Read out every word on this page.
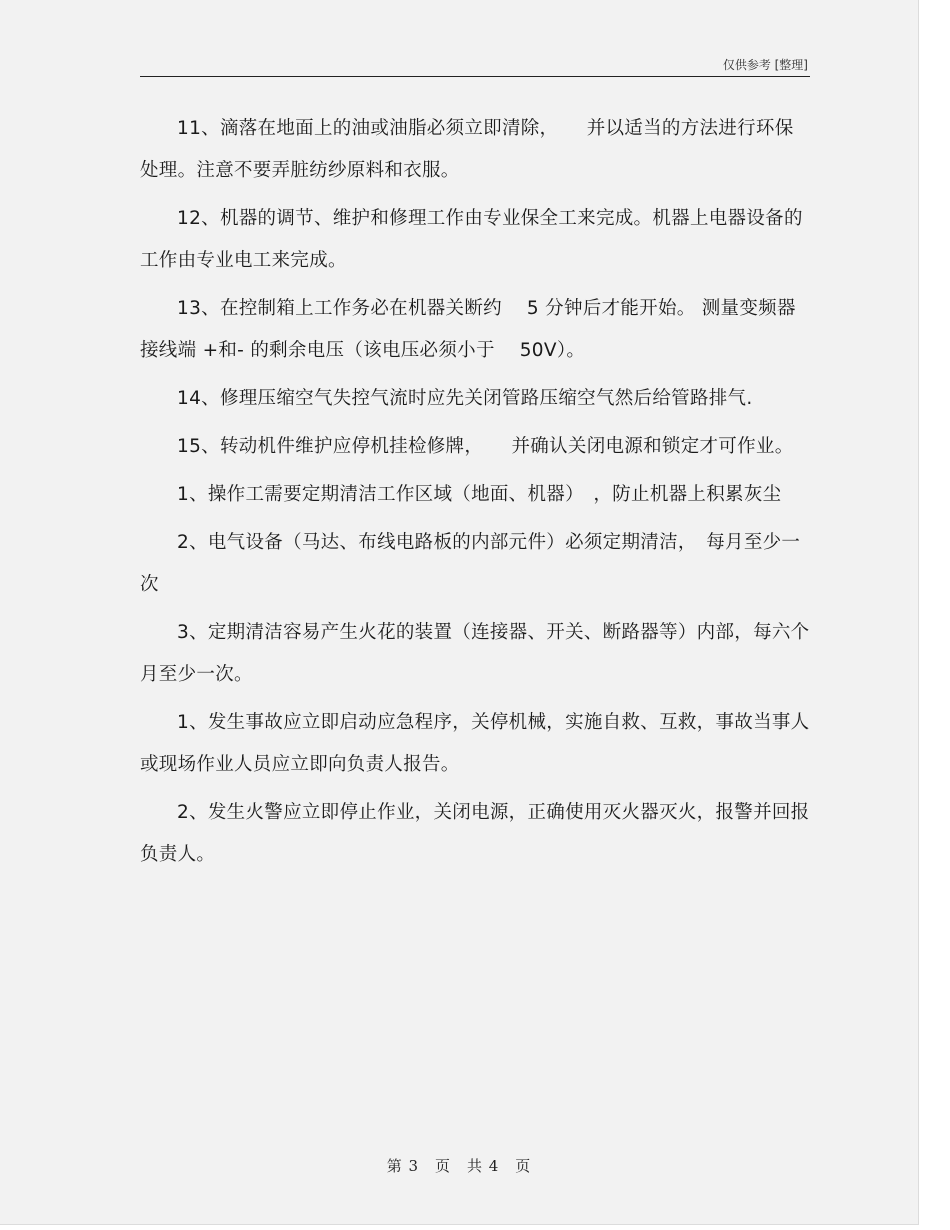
仅供参考 [整理]

11、滴落在地面上的油或油脂必须立即清除，　　并以适当的方法进行环保处理。注意不要弄脏纺纱原料和衣服。

12、机器的调节、维护和修理工作由专业保全工来完成。机器上电器设备的工作由专业电工来完成。

13、在控制箱上工作务必在机器关断约　 5 分钟后才能开始。 测量变频器接线端 +和- 的剩余电压（该电压必须小于　 50V）。

14、修理压缩空气失控气流时应先关闭管路压缩空气然后给管路排气.

15、转动机件维护应停机挂检修牌，　　并确认关闭电源和锁定才可作业。

1、操作工需要定期清洁工作区域（地面、机器）　，防止机器上积累灰尘

2、电气设备（马达、布线电路板的内部元件）必须定期清洁，　每月至少一次

3、定期清洁容易产生火花的装置（连接器、开关、断路器等）内部，每六个月至少一次。

1、发生事故应立即启动应急程序，关停机械，实施自救、互救，事故当事人或现场作业人员应立即向负责人报告。

2、发生火警应立即停止作业，关闭电源，正确使用灭火器灭火，报警并回报负责人。

第 3　页　共 4　页
